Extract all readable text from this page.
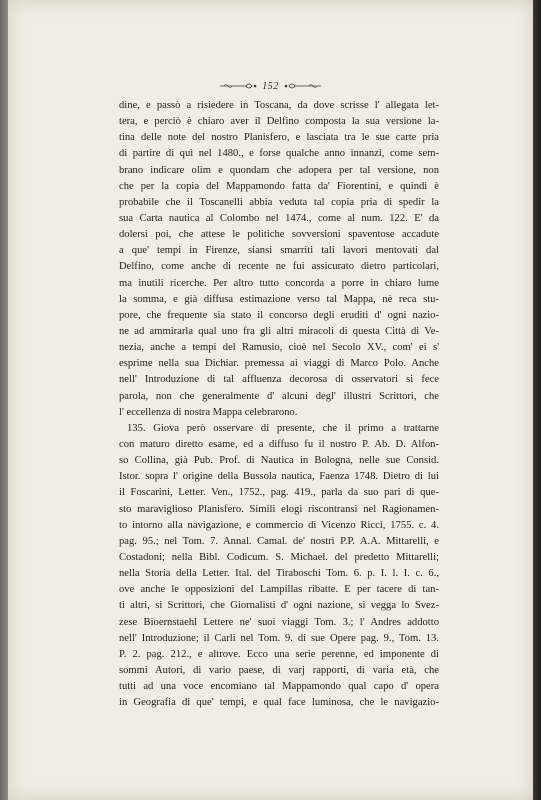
152
dine, e passò a risiedere in Toscana, da dove scrisse l' allegata let-
tera, e perciò è chiaro aver il Delfino composta la sua versione la-
tina delle note del nostro Planisfero, e lasciata tra le sue carte pria
di partire di quì nel 1480., e forse qualche anno innanzi, come sem-
brano indicare olim e quondam che adopera per tal versione, non
che per la copia del Mappamondo fatta da' Fiorentini, e quindi è
probabile che il Toscanelli abbia veduta tal copia pria di spedir la
sua Carta nautica al Colombo nel 1474., come al num. 122. E' da
dolersi poi, che attese le politiche sovversioni spaventose accadute
a que' tempi in Firenze, siansi smarriti tali lavori mentovati dal
Delfino, come anche di recente ne fui assicurato dietro particolari,
ma inutili ricerche. Per altro tutto concorda a porre in chiaro lume
la somma, e già diffusa estimazione verso tal Mappa, nè reca stu-
pore, che frequente sia stato il concorso degli eruditi d' ogni nazio-
ne ad ammirarla qual uno fra gli altri miracoli di questa Città di Ve-
nezia, anche a tempi del Ramusio, cioè nel Secolo XV., com' ei s'
esprime nella sua Dichiar. premessa ai viaggi di Marco Polo. Anche
nell' Introduzione di tal affluenza decorosa di osservatori si fece
parola, non che generalmente d' alcuni degl' illustri Scrittori, che
l' eccellenza di nostra Mappa celebrarono.
135. Giova però osservare di presente, che il primo a trattarne
con maturo diretto esame, ed a diffuso fu il nostro P. Ab. D. Alfon-
so Collina, già Pub. Prof. di Nautica in Bologna, nelle sue Consid.
Istor. sopra l' origine della Bussola nautica, Faenza 1748. Dietro di lui
il Foscarini, Letter. Ven., 1752., pag. 419., parla da suo pari di que-
sto maraviglioso Planisfero. Simili elogi riscontransi nel Ragionamen-
to intorno alla navigazione, e commercio di Vicenzo Ricci, 1755. c. 4.
pag. 95.; nel Tom. 7. Annal. Camal. de' nostri P.P. A.A. Mittarelli, e
Costadoni; nella Bibl. Codicum. S. Michael. del predetto Mittarelli;
nella Storia della Letter. Ital. del Tiraboschi Tom. 6. p. I. l. I. c. 6.,
ove anche le opposizioni del Lampillas ribatte. E per tacere di tan-
ti altri, si Scrittori, che Giornalisti d' ogni nazione, si vegga lo Svez-
zese Bioernstaehl Lettere ne' suoi viaggi Tom. 3.; l' Andres addotto
nell' Introduzione; il Carli nel Tom. 9. di sue Opere pag. 9., Tom. 13.
P. 2. pag. 212., e altrove. Ecco una serie perenne, ed imponente di
sommi Autori, di vario paese, di varj rapporti, di varia età, che
tutti ad una voce encomiano tal Mappamondo qual capo d' opera
in Geografia di que' tempi, e qual face luminosa, che le navigazio-
